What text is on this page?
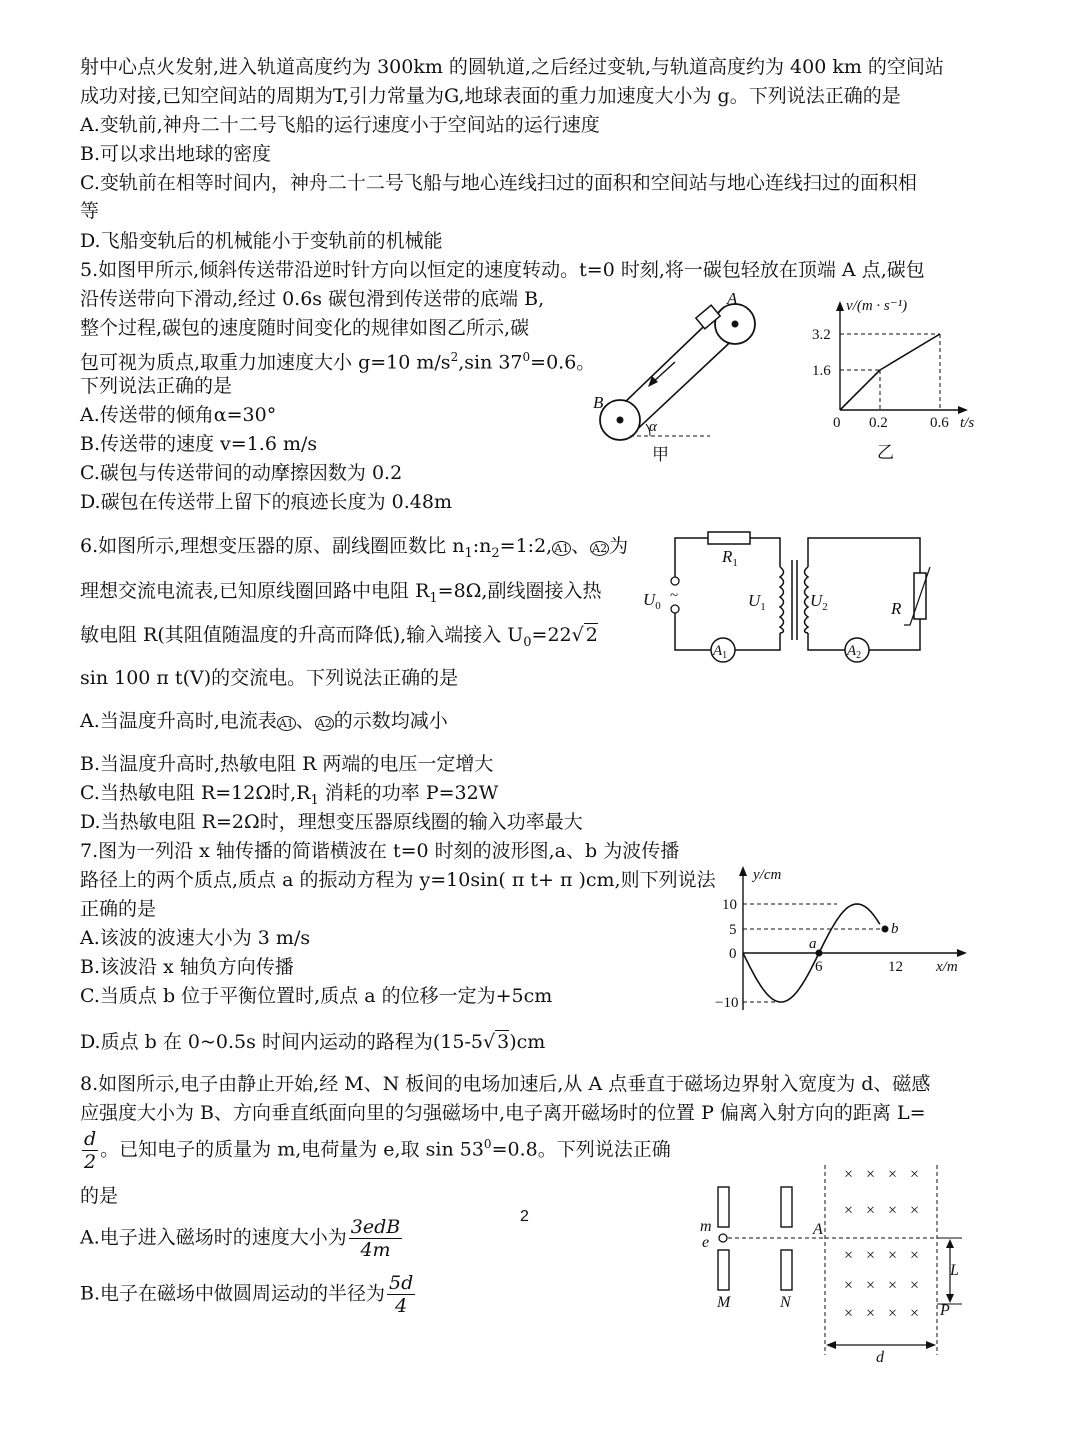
射中心点火发射,进入轨道高度约为 300km 的圆轨道,之后经过变轨,与轨道高度约为 400 km 的空间站
成功对接,已知空间站的周期为T,引力常量为G,地球表面的重力加速度大小为 g。下列说法正确的是
A.变轨前,神舟二十二号飞船的运行速度小于空间站的运行速度
B.可以求出地球的密度
C.变轨前在相等时间内，神舟二十二号飞船与地心连线扫过的面积和空间站与地心连线扫过的面积相
等
D.飞船变轨后的机械能小于变轨前的机械能
5.如图甲所示,倾斜传送带沿逆时针方向以恒定的速度转动。t=0 时刻,将一碳包轻放在顶端 A 点,碳包
沿传送带向下滑动,经过 0.6s 碳包滑到传送带的底端 B,
整个过程,碳包的速度随时间变化的规律如图乙所示,碳
包可视为质点,取重力加速度大小 g=10 $m/s^2,\sin$ $37^0=0.6$。
下列说法正确的是
A.传送带的倾角α=30°
B.传送带的速度 v=1.6 m/s
C.碳包与传送带间的动摩擦因数为 0.2
D.碳包在传送带上留下的痕迹长度为 0.48m
A
B
α
甲
v/(m · s⁻¹)
3.2
1.6
0 0.2	0.6 t/s
乙
6.如图所示,理想变压器的原、副线圈匝数比 $n_1:n_2=1:2$, A1 、 A2 为
理想交流电流表,已知原线圈回路中电阻 $R_1=8\Omega$,副线圈接入热
敏电阻 R(其阻值随温度的升高而降低),输入端接入 $U_0=22√$ 2
sin 100 π t(V)的交流电。下列说法正确的是
A.当温度升高时,电流表 A1 、 A2 的示数均减小
B.当温度升高时,热敏电阻 R 两端的电压一定增大
C.当热敏电阻 R=12Ω时$,R_1$ 消耗的功率 P=32W
D.当热敏电阻 R=2Ω时，理想变压器原线圈的输入功率最大
$R_1$
$U_0$
~	$U_1$	$U_2$	R
$A_1$	$A_2$
7.图为一列沿 x 轴传播的简谐横波在 t=0 时刻的波形图,a、b 为波传播
路径上的两个质点,质点 a 的振动方程为 y=10sin( π t+ π )cm,则下列说法
正确的是
A.该波的波速大小为 3 m/s
B.该波沿 x 轴负方向传播
C.当质点 b 位于平衡位置时,质点 a 的位移一定为+5cm
D.质点 b 在 0~0.5s 时间内运动的路程为(15-5√ 3)cm
y/cm
10
5
0
−10
6	12 x/m
a
b
8.如图所示,电子由静止开始,经 M、N 板间的电场加速后,从 A 点垂直于磁场边界射入宽度为 d、磁感
应强度大小为 B、方向垂直纸面向里的匀强磁场中,电子离开磁场时的位置 P 偏离入射方向的距离 L=
$\frac{d}{2}$ 。已知电子的质量为 m,电荷量为 e,取 $\sin 53^0=0.8$。下列说法正确
的是
A.电子进入磁场时的速度大小为 $\frac{\text{3edB}}{4m}$
B.电子在磁场中做圆周运动的半径为 $\frac{5d}{4}$
× × × ×
× × × ×
× × × ×
× × × ×
× × × ×
m
e
A
L
P
M	N
d
2
